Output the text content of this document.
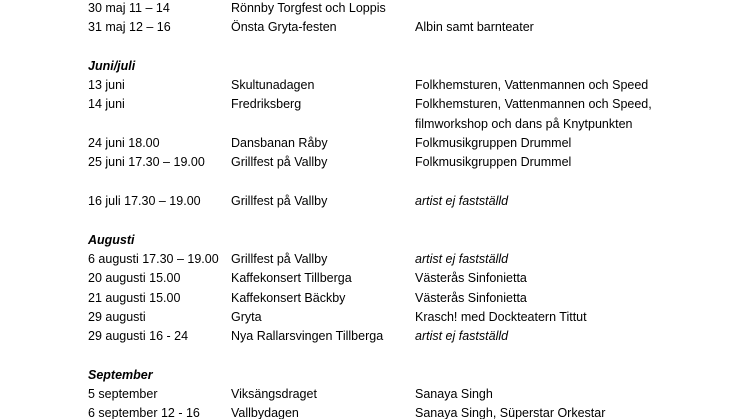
30 maj 11 – 14	Rönnby Torgfest och Loppis
31 maj 12 – 16	Önsta Gryta-festen	Albin samt barnteater
Juni/juli
13 juni	Skultunadagen	Folkhemsturen, Vattenmannen och Speed
14 juni	Fredriksberg	Folkhemsturen, Vattenmannen och Speed,
filmworkshop och dans på Knytpunkten
24 juni 18.00	Dansbanan Råby	Folkmusikgruppen Drummel
25 juni 17.30 – 19.00 Grillfest på Vallby	Folkmusikgruppen Drummel
16 juli 17.30 – 19.00 Grillfest på Vallby	artist ej fastställd
Augusti
6 augusti 17.30 – 19.00 Grillfest på Vallby	artist ej fastställd
20 augusti 15.00	Kaffekonsert Tillberga	Västerås Sinfonietta
21 augusti 15.00	Kaffekonsert Bäckby	Västerås Sinfonietta
29 augusti	Gryta	Krasch! med Dockteatern Tittut
29 augusti 16 - 24	Nya Rallarsvingen Tillberga	artist ej fastställd
September
5 september	Viksängsdraget	Sanaya Singh
6 september 12 - 16 Vallbydagen	Sanaya Singh, Süperstar Orkestar
